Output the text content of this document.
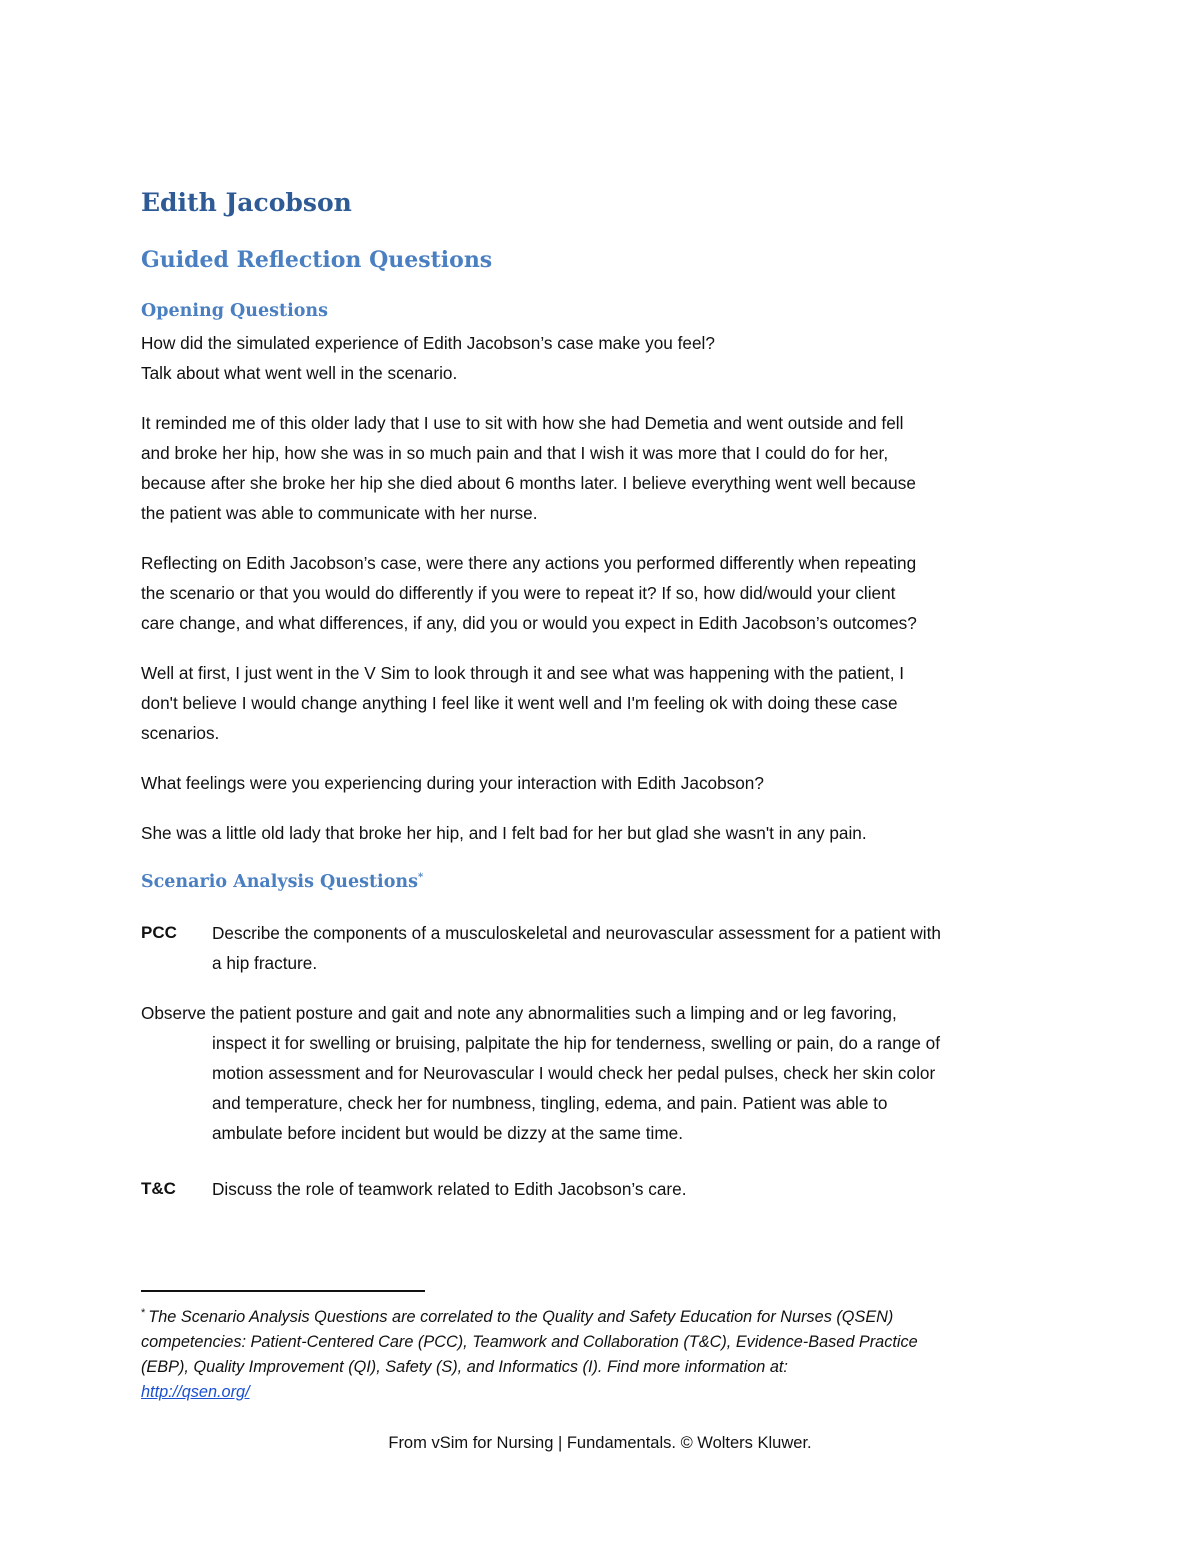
Edith Jacobson
Guided Reflection Questions
Opening Questions

How did the simulated experience of Edith Jacobson’s case make you feel?

Talk about what went well in the scenario.

It reminded me of this older lady that I use to sit with how she had Demetia and went outside and fell
and broke her hip, how she was in so much pain and that I wish it was more that I could do for her,
because after she broke her hip she died about 6 months later. I believe everything went well because
the patient was able to communicate with her nurse.
Reflecting on Edith Jacobson’s case, were there any actions you performed differently when repeating
the scenario or that you would do differently if you were to repeat it? If so, how did/would your client
care change, and what differences, if any, did you or would you expect in Edith Jacobson’s outcomes?
Well at first, I just went in the V Sim to look through it and see what was happening with the patient, I
don't believe I would change anything I feel like it went well and I'm feeling ok with doing these case
scenarios.

What feelings were you experiencing during your interaction with Edith Jacobson?

She was a little old lady that broke her hip, and I felt bad for her but glad she wasn't in any pain.

Scenario Analysis Questions*
PCC Describe the components of a musculoskeletal and neurovascular assessment for a patient with
a hip fracture.
Observe the patient posture and gait and note any abnormalities such a limping and or leg favoring,
inspect it for swelling or bruising, palpitate the hip for tenderness, swelling or pain, do a range of
motion assessment and for Neurovascular I would check her pedal pulses, check her skin color
and temperature, check her for numbness, tingling, edema, and pain. Patient was able to
ambulate before incident but would be dizzy at the same time.
T&C Discuss the role of teamwork related to Edith Jacobson’s care.

* The Scenario Analysis Questions are correlated to the Quality and Safety Education for Nurses (QSEN)
competencies: Patient-Centered Care (PCC), Teamwork and Collaboration (T&C), Evidence-Based Practice
(EBP), Quality Improvement (QI), Safety (S), and Informatics (I). Find more information at:
http://qsen.org/
From vSim for Nursing | Fundamentals. © Wolters Kluwer.
